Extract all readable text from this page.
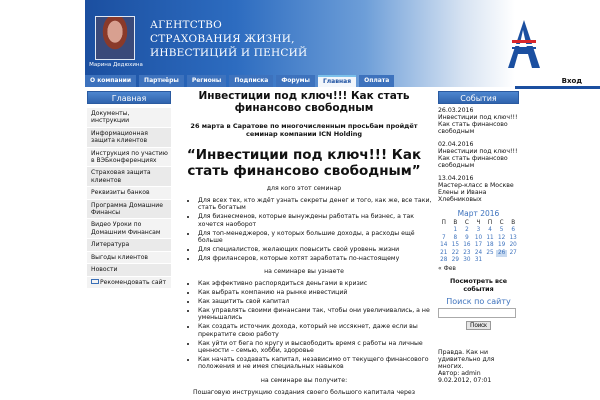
Марина Дедюхина
АГЕНТСТВО
СТРАХОВАНИЯ ЖИЗНИ,
ИНВЕСТИЦИЙ И ПЕНСИЙ
О компании	Партнёры	Регионы	Подписка	Форумы	Главная	Оплата	Вход
Главная
Документы, инструкции
Информационная защита клиентов
Инструкция по участию в ВЭБконференциях
Страховая защита клиентов
Реквизиты банков
Программа Домашние Финансы
Видео Уроки по Домашним Финансам
Литература
Выгоды клиентов
Новости
Рекомендовать сайт
Инвестиции под ключ!!! Как стать финансово свободным

26 марта в Саратове по многочисленным просьбам пройдёт семинар компании ICN Holding

“Инвестиции под ключ!!! Как стать финансово свободным”

для кого этот семинар

• Для всех тех, кто ждёт узнать секреты денег и того, как же, все таки, стать богатым
• Для бизнесменов, которые вынуждены работать на бизнес, а так хочется наоборот
• Для топ-менеджеров, у которых большие доходы, а расходы ещё больше
• Для специалистов, желающих повысить свой уровень жизни
• Для фрилансеров, которые хотят заработать по-настоящему

на семинаре вы узнаете

• Как эффективно распорядиться деньгами в кризис
• Как выбрать компанию на рынке инвестиций
• Как защитить свой капитал
• Как управлять своими финансами так, чтобы они увеличивались, а не уменьшались
• Как создать источник дохода, который не иссякнет, даже если вы прекратите свою работу
• Как уйти от бега по кругу и высвободить время с работы на личные ценности – семью, хобби, здоровье
• Как начать создавать капитал, независимо от текущего финансового положения и не имея специальных навыков

на семинаре вы получите:

Пошаговую инструкцию создания своего большого капитала через

События
26.03.2016
Инвестиции под ключ!!! Как стать финансово свободным
02.04.2016
Инвестиции под ключ!!! Как стать финансово свободным
13.04.2016
Мастер-класс в Москве Елены и Ивана Хлебниковых
Март 2016
П	В	С	Ч	П	С	В
	1	2	3	4	5	6
7	8	9	10	11	12	13
14	15	16	17	18	19	20
21	22	23	24	25	26	27
28	29	30	31			
« Фев
Посмотреть все события
Поиск по сайту
Поиск
Правда. Как ни удивительно для многих.
Автор: admin
9.02.2012, 07:01
